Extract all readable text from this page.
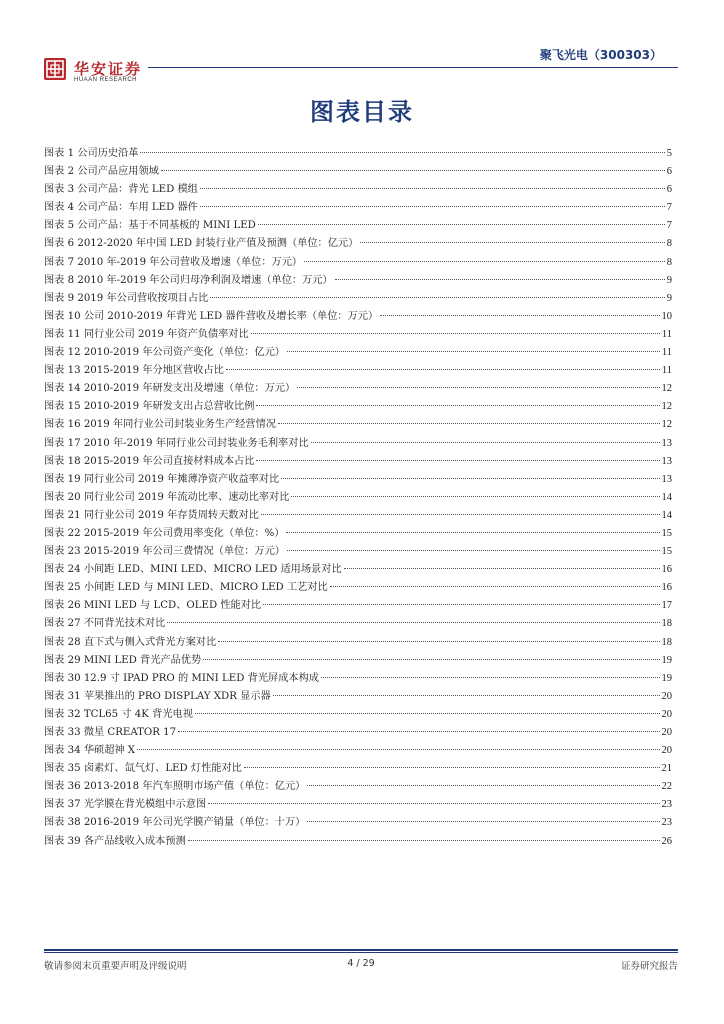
华安证券
HUAAN RESEARCH
聚飞光电（300303）
图表目录
图表 1 公司历史沿革	5
图表 2 公司产品应用领域	6
图表 3 公司产品：背光 LED 模组	6
图表 4 公司产品：车用 LED 器件	7
图表 5 公司产品：基于不同基板的 MINI LED	7
图表 6 2012-2020 年中国 LED 封装行业产值及预测（单位：亿元）	8
图表 7 2010 年-2019 年公司营收及增速（单位：万元）	8
图表 8 2010 年-2019 年公司归母净利润及增速（单位：万元）	9
图表 9 2019 年公司营收按项目占比	9
图表 10 公司 2010-2019 年背光 LED 器件营收及增长率（单位：万元）	10
图表 11 同行业公司 2019 年资产负债率对比	11
图表 12 2010-2019 年公司资产变化（单位：亿元）	11
图表 13 2015-2019 年分地区营收占比	11
图表 14 2010-2019 年研发支出及增速（单位：万元）	12
图表 15 2010-2019 年研发支出占总营收比例	12
图表 16 2019 年同行业公司封装业务生产经营情况	12
图表 17 2010 年-2019 年同行业公司封装业务毛利率对比	13
图表 18 2015-2019 年公司直接材料成本占比	13
图表 19 同行业公司 2019 年摊薄净资产收益率对比	13
图表 20 同行业公司 2019 年流动比率、速动比率对比	14
图表 21 同行业公司 2019 年存货周转天数对比	14
图表 22 2015-2019 年公司费用率变化（单位：%）	15
图表 23 2015-2019 年公司三费情况（单位：万元）	15
图表 24 小间距 LED、MINI LED、MICRO LED 适用场景对比	16
图表 25 小间距 LED 与 MINI LED、MICRO LED 工艺对比	16
图表 26 MINI LED 与 LCD、OLED 性能对比	17
图表 27 不同背光技术对比	18
图表 28 直下式与侧入式背光方案对比	18
图表 29 MINI LED 背光产品优势	19
图表 30 12.9 寸 IPAD PRO 的 MINI LED 背光屏成本构成	19
图表 31 苹果推出的 PRO DISPLAY XDR 显示器	20
图表 32 TCL65 寸 4K 背光电视	20
图表 33 微星 CREATOR 17	20
图表 34 华硕超神 X	20
图表 35 卤素灯、氙气灯、LED 灯性能对比	21
图表 36 2013-2018 年汽车照明市场产值（单位：亿元）	22
图表 37 光学膜在背光模组中示意图	23
图表 38 2016-2019 年公司光学膜产销量（单位：十万）	23
图表 39 各产品线收入成本预测	26
敬请参阅末页重要声明及评级说明	4 / 29	证券研究报告
